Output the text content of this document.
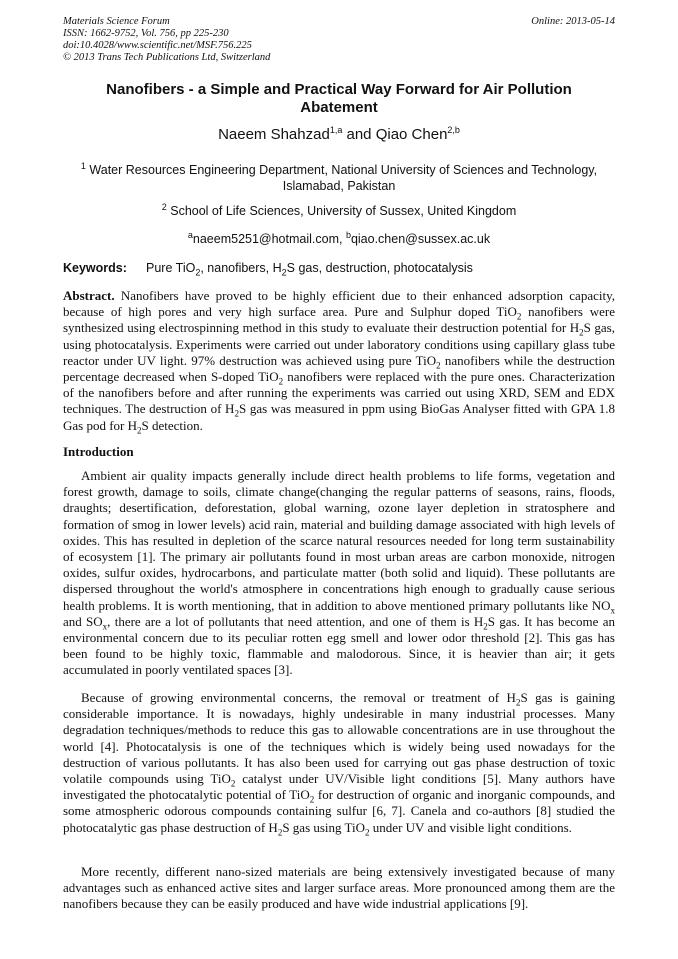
Materials Science Forum
ISSN: 1662-9752, Vol. 756, pp 225-230
doi:10.4028/www.scientific.net/MSF.756.225
© 2013 Trans Tech Publications Ltd, Switzerland
Online: 2013-05-14
Nanofibers - a Simple and Practical Way Forward for Air Pollution
Abatement
Naeem Shahzad$^{1,a}$ and Qiao Chen$^{2,b}$
$^1$ Water Resources Engineering Department, National University of Sciences and Technology,
Islamabad, Pakistan
$^2$ School of Life Sciences, University of Sussex, United Kingdom
$^a$naeem5251@hotmail.com, $^b$qiao.chen@sussex.ac.uk
Keywords: Pure TiO$_2$, nanofibers, $H_2S$ gas, destruction, photocatalysis
Abstract. Nanofibers have proved to be highly efficient due to their enhanced adsorption capacity, because of high pores and very high surface area. Pure and Sulphur doped TiO$_2$ nanofibers were synthesized using electrospinning method in this study to evaluate their destruction potential for $H_2S$ gas, using photocatalysis. Experiments were carried out under laboratory conditions using capillary glass tube reactor under UV light. 97% destruction was achieved using pure TiO$_2$ nanofibers while the destruction percentage decreased when S-doped TiO$_2$ nanofibers were replaced with the pure ones. Characterization of the nanofibers before and after running the experiments was carried out using XRD, SEM and EDX techniques. The destruction of $H_2S$ gas was measured in ppm using BioGas Analyser fitted with GPA 1.8 Gas pod for $H_2S$ detection.
Introduction
Ambient air quality impacts generally include direct health problems to life forms, vegetation and forest growth, damage to soils, climate change(changing the regular patterns of seasons, rains, floods, draughts; desertification, deforestation, global warning, ozone layer depletion in stratosphere and formation of smog in lower levels) acid rain, material and building damage associated with high levels of oxides. This has resulted in depletion of the scarce natural resources needed for long term sustainability of ecosystem [1]. The primary air pollutants found in most urban areas are carbon monoxide, nitrogen oxides, sulfur oxides, hydrocarbons, and particulate matter (both solid and liquid). These pollutants are dispersed throughout the world's atmosphere in concentrations high enough to gradually cause serious health problems. It is worth mentioning, that in addition to above mentioned primary pollutants like $NO_x$ and $SO_x$, there are a lot of pollutants that need attention, and one of them is $H_2S$ gas. It has become an environmental concern due to its peculiar rotten egg smell and lower odor threshold [2]. This gas has been found to be highly toxic, flammable and malodorous. Since, it is heavier than air; it gets accumulated in poorly ventilated spaces [3].
Because of growing environmental concerns, the removal or treatment of $H_2S$ gas is gaining considerable importance. It is nowadays, highly undesirable in many industrial processes. Many degradation techniques/methods to reduce this gas to allowable concentrations are in use throughout the world [4]. Photocatalysis is one of the techniques which is widely being used nowadays for the destruction of various pollutants. It has also been used for carrying out gas phase destruction of toxic volatile compounds using TiO$_2$ catalyst under UV/Visible light conditions [5]. Many authors have investigated the photocatalytic potential of TiO$_2$ for destruction of organic and inorganic compounds, and some atmospheric odorous compounds containing sulfur [6, 7]. Canela and co-authors [8] studied the photocatalytic gas phase destruction of $H_2S$ gas using TiO$_2$ under UV and visible light conditions.
More recently, different nano-sized materials are being extensively investigated because of many advantages such as enhanced active sites and larger surface areas. More pronounced among them are the nanofibers because they can be easily produced and have wide industrial applications [9].
